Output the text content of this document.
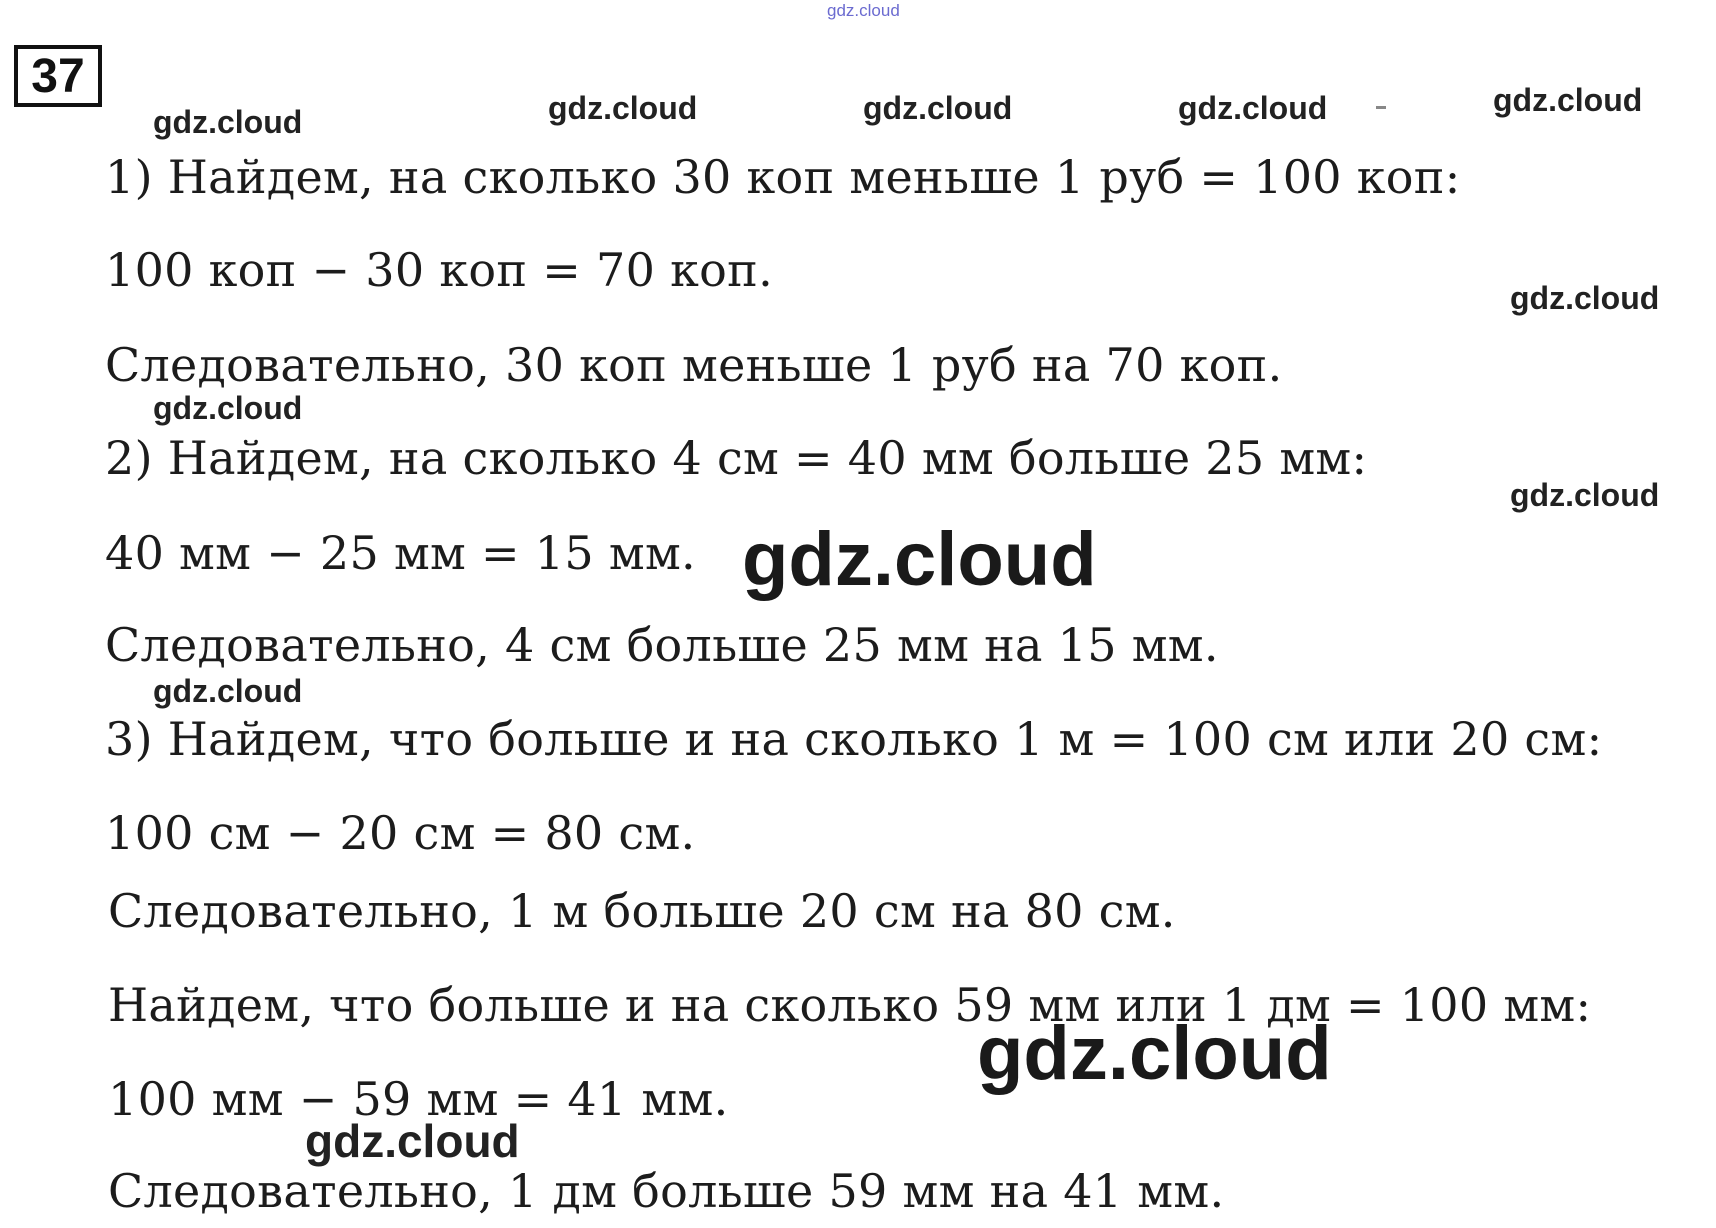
gdz.cloud
37
gdz.cloud	gdz.cloud	gdz.cloud	gdz.cloud	gdz.cloud
1) Найдем, на сколько 30 коп меньше 1 руб = 100 коп:
100 коп − 30 коп = 70 коп.
gdz.cloud
Следовательно, 30 коп меньше 1 руб на 70 коп.
gdz.cloud
2) Найдем, на сколько 4 см = 40 мм больше 25 мм:
gdz.cloud
40 мм − 25 мм = 15 мм. gdz.cloud
Следовательно, 4 см больше 25 мм на 15 мм.
gdz.cloud
3) Найдем, что больше и на сколько 1 м = 100 см или 20 см:
100 см − 20 см = 80 см.
Следовательно, 1 м больше 20 см на 80 см.
Найдем, что больше и на сколько 59 мм или 1 дм = 100 мм:
gdz.cloud
100 мм − 59 мм = 41 мм.
gdz.cloud
Следовательно, 1 дм больше 59 мм на 41 мм.
